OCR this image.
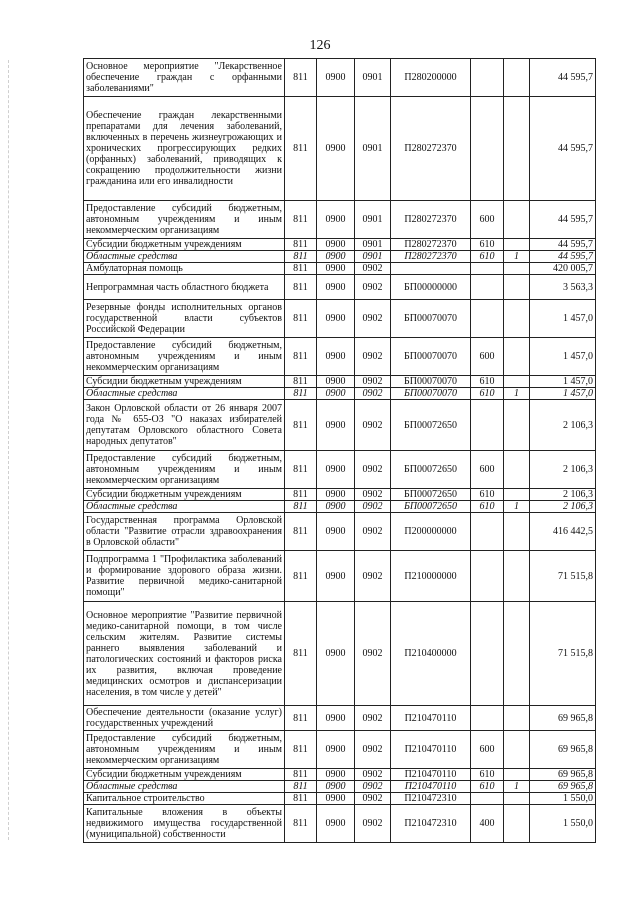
126
Основное мероприятие "Лекарственное обеспечение граждан с орфанными заболеваниями"	811	0900	0901	П280200000			44 595,7
Обеспечение граждан лекарственными препаратами для лечения заболеваний, включенных в перечень жизнеугрожающих и хронических прогрессирующих редких (орфанных) заболеваний, приводящих к сокращению продолжительности жизни гражданина или его инвалидности	811	0900	0901	П280272370			44 595,7
Предоставление субсидий бюджетным, автономным учреждениям и иным некоммерческим организациям	811	0900	0901	П280272370	600		44 595,7
Субсидии бюджетным учреждениям	811	0900	0901	П280272370	610		44 595,7
Областные средства	811	0900	0901	П280272370	610	1	44 595,7
Амбулаторная помощь	811	0900	0902				420 005,7
Непрограммная часть областного бюджета	811	0900	0902	БП00000000			3 563,3
Резервные фонды исполнительных органов государственной власти субъектов Российской Федерации	811	0900	0902	БП00070070			1 457,0
Предоставление субсидий бюджетным, автономным учреждениям и иным некоммерческим организациям	811	0900	0902	БП00070070	600		1 457,0
Субсидии бюджетным учреждениям	811	0900	0902	БП00070070	610		1 457,0
Областные средства	811	0900	0902	БП00070070	610	1	1 457,0
Закон Орловской области от 26 января 2007 года № 655-ОЗ "О наказах избирателей депутатам Орловского областного Совета народных депутатов"	811	0900	0902	БП00072650			2 106,3
Предоставление субсидий бюджетным, автономным учреждениям и иным некоммерческим организациям	811	0900	0902	БП00072650	600		2 106,3
Субсидии бюджетным учреждениям	811	0900	0902	БП00072650	610		2 106,3
Областные средства	811	0900	0902	БП00072650	610	1	2 106,3
Государственная программа Орловской области "Развитие отрасли здравоохранения в Орловской области"	811	0900	0902	П200000000			416 442,5
Подпрограмма 1 "Профилактика заболеваний и формирование здорового образа жизни. Развитие первичной медико-санитарной помощи"	811	0900	0902	П210000000			71 515,8
Основное мероприятие "Развитие первичной медико-санитарной помощи, в том числе сельским жителям. Развитие системы раннего выявления заболеваний и патологических состояний и факторов риска их развития, включая проведение медицинских осмотров и диспансеризации населения, в том числе у детей"	811	0900	0902	П210400000			71 515,8
Обеспечение деятельности (оказание услуг) государственных учреждений	811	0900	0902	П210470110			69 965,8
Предоставление субсидий бюджетным, автономным учреждениям и иным некоммерческим организациям	811	0900	0902	П210470110	600		69 965,8
Субсидии бюджетным учреждениям	811	0900	0902	П210470110	610		69 965,8
Областные средства	811	0900	0902	П210470110	610	1	69 965,8
Капитальное строительство	811	0900	0902	П210472310			1 550,0
Капитальные вложения в объекты недвижимого имущества государственной (муниципальной) собственности	811	0900	0902	П210472310	400		1 550,0
